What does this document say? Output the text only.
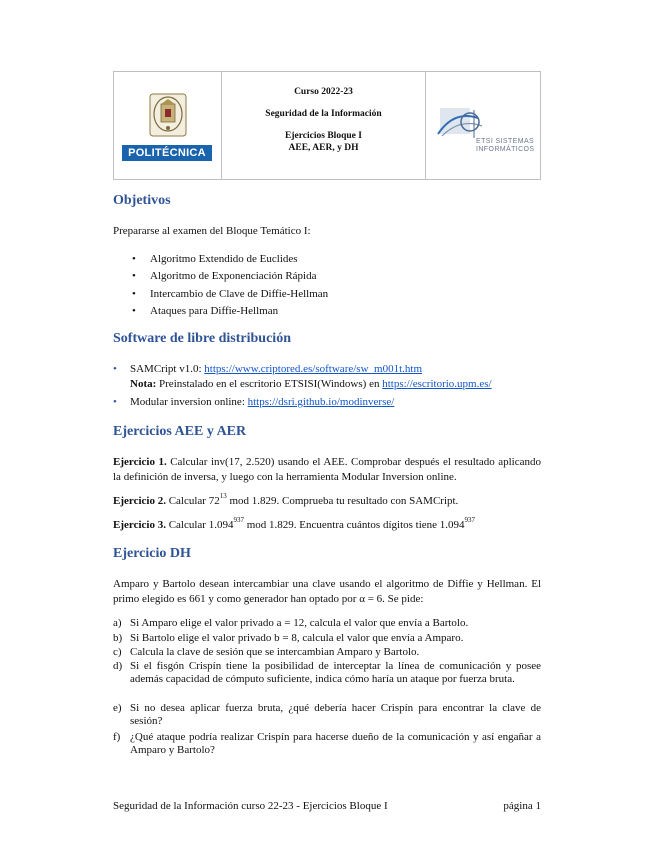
POLITÉCNICA
Curso 2022-23
Seguridad de la Información
Ejercicios Bloque I
AEE, AER, y DH
ETSI SISTEMAS
INFORMÁTICOS
Objetivos
Prepararse al examen del Bloque Temático I:
• Algoritmo Extendido de Euclides
• Algoritmo de Exponenciación Rápida
• Intercambio de Clave de Diffie-Hellman
• Ataques para Diffie-Hellman
Software de libre distribución
• SAMCript v1.0: https://www.criptored.es/software/sw_m001t.htm
Nota: Preinstalado en el escritorio ETSISI(Windows) en https://escritorio.upm.es/
• Modular inversion online: https://dsri.github.io/modinverse/
Ejercicios AEE y AER
Ejercicio 1. Calcular inv(17, 2.520) usando el AEE. Comprobar después el resultado aplicando la definición de inversa, y luego con la herramienta Modular Inversion online.
Ejercicio 2. Calcular $72^{13}$ mod 1.829. Comprueba tu resultado con SAMCript.
Ejercicio 3. Calcular 1.094$^{937}$ mod 1.829. Encuentra cuántos dígitos tiene 1.094$^{937}$
Ejercicio DH
Amparo y Bartolo desean intercambiar una clave usando el algoritmo de Diffie y Hellman. El primo elegido es 661 y como generador han optado por α = 6. Se pide:
a) Si Amparo elige el valor privado a = 12, calcula el valor que envía a Bartolo.
b) Si Bartolo elige el valor privado b = 8, calcula el valor que envía a Amparo.
c) Calcula la clave de sesión que se intercambian Amparo y Bartolo.
d) Si el fisgón Crispín tiene la posibilidad de interceptar la línea de comunicación y posee además capacidad de cómputo suficiente, indica cómo haría un ataque por fuerza bruta.
e) Si no desea aplicar fuerza bruta, ¿qué debería hacer Crispín para encontrar la clave de sesión?
f) ¿Qué ataque podría realizar Crispín para hacerse dueño de la comunicación y así engañar a Amparo y Bartolo?
Seguridad de la Información curso 22-23 - Ejercicios Bloque I	página 1
